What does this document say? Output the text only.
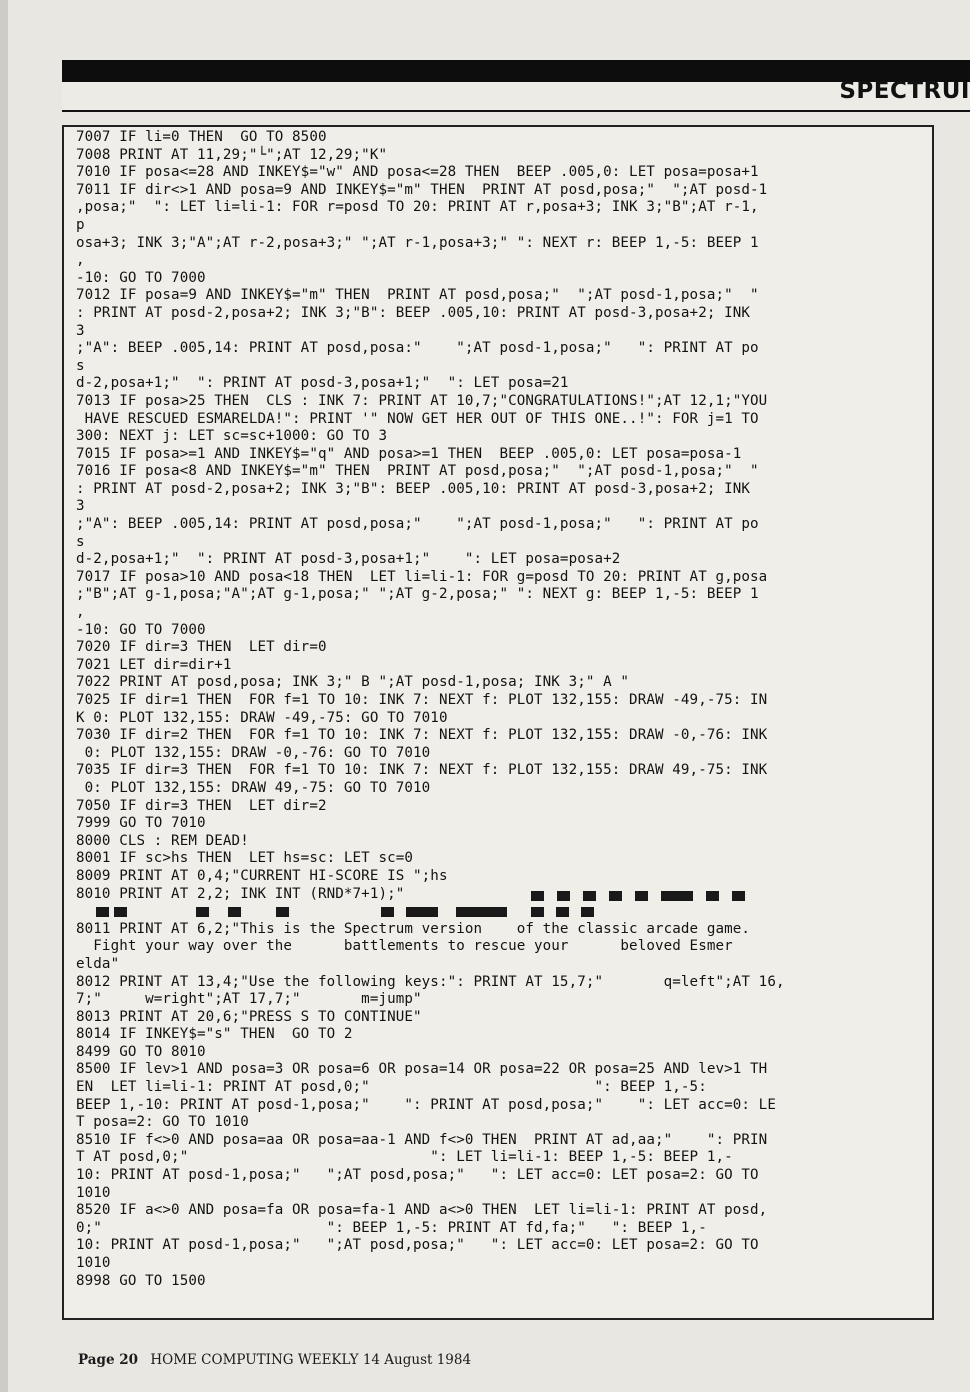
SPECTRUI
7007 IF li=0 THEN  GO TO 8500
7008 PRINT AT 11,29;"└";AT 12,29;"K"
7010 IF posa<=28 AND INKEY$="w" AND posa<=28 THEN  BEEP .005,0: LET posa=posa+1
7011 IF dir<>1 AND posa=9 AND INKEY$="m" THEN  PRINT AT posd,posa;"  ";AT posd-1
,posa;"  ": LET li=li-1: FOR r=posd TO 20: PRINT AT r,posa+3; INK 3;"B";AT r-1,
p
osa+3; INK 3;"A";AT r-2,posa+3;" ";AT r-1,posa+3;" ": NEXT r: BEEP 1,-5: BEEP 1
,
-10: GO TO 7000
7012 IF posa=9 AND INKEY$="m" THEN  PRINT AT posd,posa;"  ";AT posd-1,posa;"  "
: PRINT AT posd-2,posa+2; INK 3;"B": BEEP .005,10: PRINT AT posd-3,posa+2; INK
3
;"A": BEEP .005,14: PRINT AT posd,posa:"    ";AT posd-1,posa;"   ": PRINT AT po
s
d-2,posa+1;"  ": PRINT AT posd-3,posa+1;"  ": LET posa=21
7013 IF posa>25 THEN  CLS : INK 7: PRINT AT 10,7;"CONGRATULATIONS!";AT 12,1;"YOU
HAVE RESCUED ESMARELDA!": PRINT '" NOW GET HER OUT OF THIS ONE..!": FOR j=1 TO
300: NEXT j: LET sc=sc+1000: GO TO 3
7015 IF posa>=1 AND INKEY$="q" AND posa>=1 THEN  BEEP .005,0: LET posa=posa-1
7016 IF posa<8 AND INKEY$="m" THEN  PRINT AT posd,posa;"  ";AT posd-1,posa;"  "
: PRINT AT posd-2,posa+2; INK 3;"B": BEEP .005,10: PRINT AT posd-3,posa+2; INK
3
;"A": BEEP .005,14: PRINT AT posd,posa;"    ";AT posd-1,posa;"   ": PRINT AT po
s
d-2,posa+1;"  ": PRINT AT posd-3,posa+1;"    ": LET posa=posa+2
7017 IF posa>10 AND posa<18 THEN  LET li=li-1: FOR g=posd TO 20: PRINT AT g,posa
;"B";AT g-1,posa;"A";AT g-1,posa;" ";AT g-2,posa;" ": NEXT g: BEEP 1,-5: BEEP 1
,
-10: GO TO 7000
7020 IF dir=3 THEN  LET dir=0
7021 LET dir=dir+1
7022 PRINT AT posd,posa; INK 3;" B ";AT posd-1,posa; INK 3;" A "
7025 IF dir=1 THEN  FOR f=1 TO 10: INK 7: NEXT f: PLOT 132,155: DRAW -49,-75: IN
K 0: PLOT 132,155: DRAW -49,-75: GO TO 7010
7030 IF dir=2 THEN  FOR f=1 TO 10: INK 7: NEXT f: PLOT 132,155: DRAW -0,-76: INK
0: PLOT 132,155: DRAW -0,-76: GO TO 7010
7035 IF dir=3 THEN  FOR f=1 TO 10: INK 7: NEXT f: PLOT 132,155: DRAW 49,-75: INK
0: PLOT 132,155: DRAW 49,-75: GO TO 7010
7050 IF dir=3 THEN  LET dir=2
7999 GO TO 7010
8000 CLS : REM DEAD!
8001 IF sc>hs THEN  LET hs=sc: LET sc=0
8009 PRINT AT 0,4;"CURRENT HI-SCORE IS ";hs
8010 PRINT AT 2,2; INK INT (RND*7+1);"
8011 PRINT AT 6,2;"This is the Spectrum version    of the classic arcade game.
Fight your way over the      battlements to rescue your      beloved Esmer
elda"
8012 PRINT AT 13,4;"Use the following keys:": PRINT AT 15,7;"       q=left";AT 16,
7;"     w=right";AT 17,7;"       m=jump"
8013 PRINT AT 20,6;"PRESS S TO CONTINUE"
8014 IF INKEY$="s" THEN  GO TO 2
8499 GO TO 8010
8500 IF lev>1 AND posa=3 OR posa=6 OR posa=14 OR posa=22 OR posa=25 AND lev>1 TH
EN  LET li=li-1: PRINT AT posd,0;"                          ": BEEP 1,-5:
BEEP 1,-10: PRINT AT posd-1,posa;"    ": PRINT AT posd,posa;"    ": LET acc=0: LE
T posa=2: GO TO 1010
8510 IF f<>0 AND posa=aa OR posa=aa-1 AND f<>0 THEN  PRINT AT ad,aa;"    ": PRIN
T AT posd,0;"                            ": LET li=li-1: BEEP 1,-5: BEEP 1,-
10: PRINT AT posd-1,posa;"   ";AT posd,posa;"   ": LET acc=0: LET posa=2: GO TO
1010
8520 IF a<>0 AND posa=fa OR posa=fa-1 AND a<>0 THEN  LET li=li-1: PRINT AT posd,
0;"                          ": BEEP 1,-5: PRINT AT fd,fa;"   ": BEEP 1,-
10: PRINT AT posd-1,posa;"   ";AT posd,posa;"   ": LET acc=0: LET posa=2: GO TO
1010
8998 GO TO 1500
Page 20 HOME COMPUTING WEEKLY 14 August 1984
